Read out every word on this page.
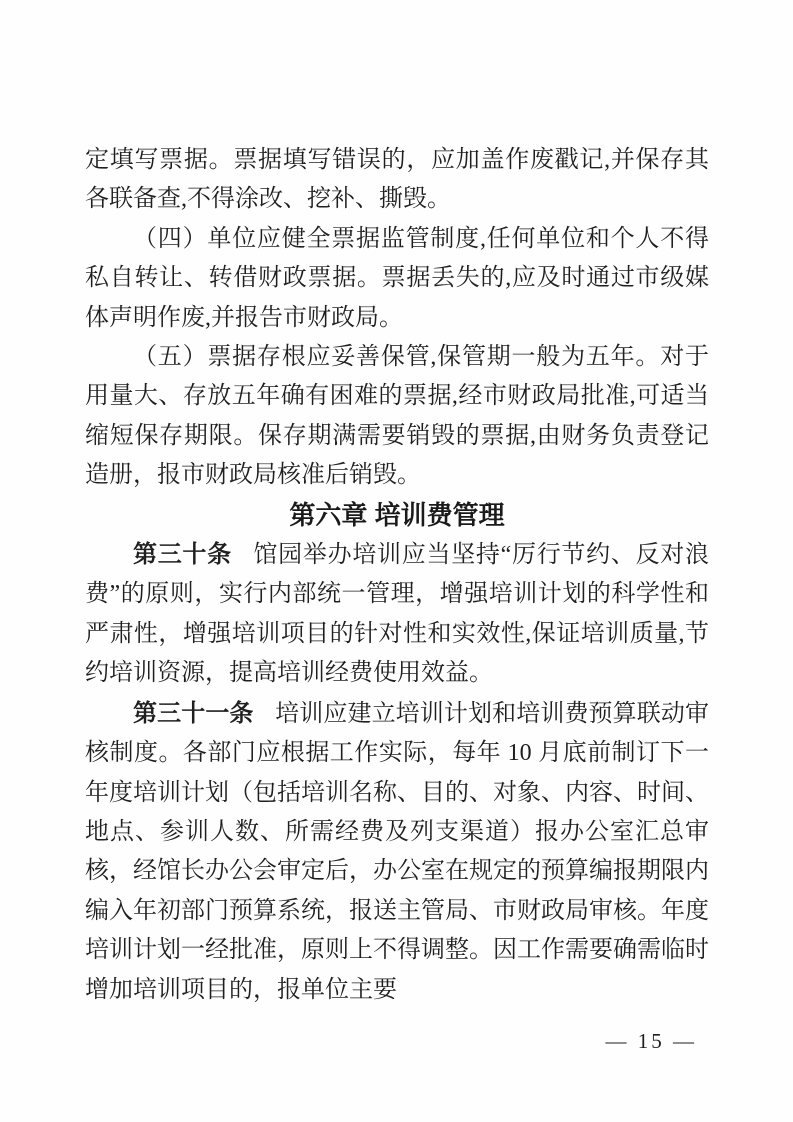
定填写票据。票据填写错误的，应加盖作废戳记,并保存其各联备查,不得涂改、挖补、撕毁。

（四）单位应健全票据监管制度,任何单位和个人不得私自转让、转借财政票据。票据丢失的,应及时通过市级媒体声明作废,并报告市财政局。

（五）票据存根应妥善保管,保管期一般为五年。对于用量大、存放五年确有困难的票据,经市财政局批准,可适当缩短保存期限。保存期满需要销毁的票据,由财务负责登记造册，报市财政局核准后销毁。

第六章 培训费管理

第三十条 馆园举办培训应当坚持“厉行节约、反对浪费”的原则，实行内部统一管理，增强培训计划的科学性和严肃性，增强培训项目的针对性和实效性,保证培训质量,节约培训资源，提高培训经费使用效益。

第三十一条 培训应建立培训计划和培训费预算联动审核制度。各部门应根据工作实际，每年 10 月底前制订下一年度培训计划（包括培训名称、目的、对象、内容、时间、地点、参训人数、所需经费及列支渠道）报办公室汇总审核，经馆长办公会审定后，办公室在规定的预算编报期限内编入年初部门预算系统，报送主管局、市财政局审核。年度培训计划一经批准，原则上不得调整。因工作需要确需临时增加培训项目的，报单位主要

— 15 —
